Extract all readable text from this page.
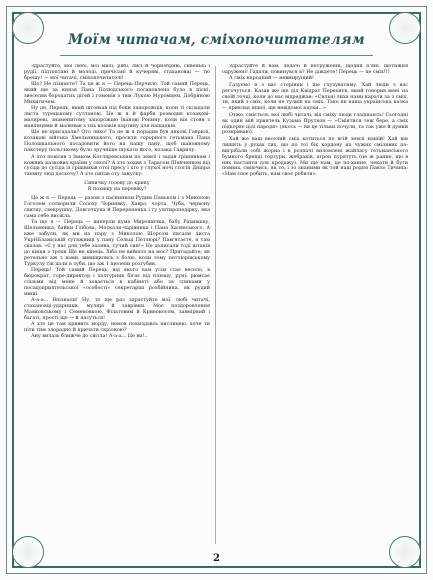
Моїм читачам, сміхопочитателям

Здрастуйте, мої любі, мої милі, рябі, лисі й чорнобриві, сивенькі і рудії, підтоптані й молоді, причісані й кучеряві, стахановці — тю брешу! — мої читачі, сміхопочитателі!

Що? Не пізнаєте? Та це ж я — Перець-Перчило. Той самий Перець, який ще за князя Пана Полюдського посадовлено було в пісні, звеселяв бородатих дітей і гомонів з тим Лукою Муромцем, Добриною Микитичем.

Ну де, Перець, який штовхав під боки запорожців, коли ті складали листа турецькому султанові. Це ж я й фарби розводив козакові-маляреві, знаменитому запорожцю Іванові Репину, коли він стояв з мавпицями й малював з тих козаків картину для нащадків.

Ще не пригадали? Ото лихо! Та це ж я порадив був дякові Гаврилі, козакові війська Хмельницького, просити горорного гетьмана Пана Полощкального посадовити його на нашу пану, щоб шановному пакстеру польському було зручніше шукати його, козака Гаврилу.

А хто повісив з Іваном Котляревським по землі і задав грішникам і кожних казкових країни у смолі? А хто ходив з Тарасом Шевченком від сусіда до сусіда із грішників отої пресу і хто у глухої ночі стогін Дніпра таємну люд досхочу? А хто питав оту закуску:

Синичку голову до крику
Я похищу на перевіку?

Це ж я — Перець — разом з паснинком Рудим Паньком і з Миколою Гоголем сотворили Солоху Чорнявку, Хавро, чорта, Чуба, червону свитку, свекрушку, Довгочхуна й Перерепенка і ту уштиропедірку, яка сама себе висікла.

Та що я — Перець — виперли кума Мирошичка, бабу Рахившку, Шельменка, байки Глібова, Москаля-чарівника і Пана Халявського. А вже забули, як ми на пару з Миколою Шорсом писали листа УкрНБзаміській сутяжниці у пану Сельці Петлюрі? Пам'ятаєте, я там сказав: «Є у нас для тебе халява, сучий син!» Не дописали тоді штанів до кінця з трохи Ще не кінець. Хіба не вийшло на моє? Пригадайте, як ретельно аж з вами, вивищились з болю, коли тому петлюрівському Туркулу тік дали в зуби, що аж 1 щелепи розгубив.

Перець! Той самий Перець, від якого вам усім стає весело, в бюрократ, горе-директор і халтурник бігає від плюшу, руні: рюмсає слізьми від мене й ховається в кабінеті або за спинами у посадоприятельської «особості» секретарші розбійника, як рудий миші.

А-а-а... Впізнали! Ну, то ще раз здрастуйте мої, любі читачі, стахановці-ударники, мулярі й заврівни. Моє поздоровлення Маяковському і Семеновкою, Філатовим й Кривоносом, завмірний і багаті, прості ще — й пасуться!

А хто це там кривить морду, немов покиздавсь кислицею, хоче ти піти тим злорадно й кричати скрілкою?

Ану вилазь ближче до світла! А-а-а... Це ви!..

Здрастуйте й вам, ледачі й нетруженні, щодня п'яні, щотижня одружені! Гадали, повинувся я? Не діждете! Перець — це сміх!!!

А сміх народний — невмирущий!

Газуємо я з вас сторінки і ще глузуватиму. Хай люди з вас регочуться. Казав же ще дід Квідрат Перехнєв, який говорив мені на своїй точці, коли до нас відреджав: «Сильні лиха нами карати за з сміх, ти, який з сміх, коли не тулиш на сміх. Тако як наша українська казка — приклад іншої, ще невідомої науки...»

Отже, сміється, мої любі читачі, від сміху люди гладшають! Сьогодні як один мій приятель Кузьма Прутков — «Сміятися теж бере, а сміх підкоряє цілі народи» (якось — ви це тільки почули, та так уже й думки розкриваю).

Хай же ваш веселий сміх котиться по всій землі нашій! Хай він лишить у рухах тих, що по тої бік кордону на чужих сміливих по-вигрібали собі жорна і в розпачі виломлені жайлагу гетьманського бумного бренді тортури, жебраків, атрон пурятуть (це ж ранне, що в них настанти для продажу). Ми ще нам, це по-ханне, чекати й бути повних, сміючись, як то, і зо знаними як той наш родня Павло Тичина: «Нам своє робить, нам своє робити».

2
